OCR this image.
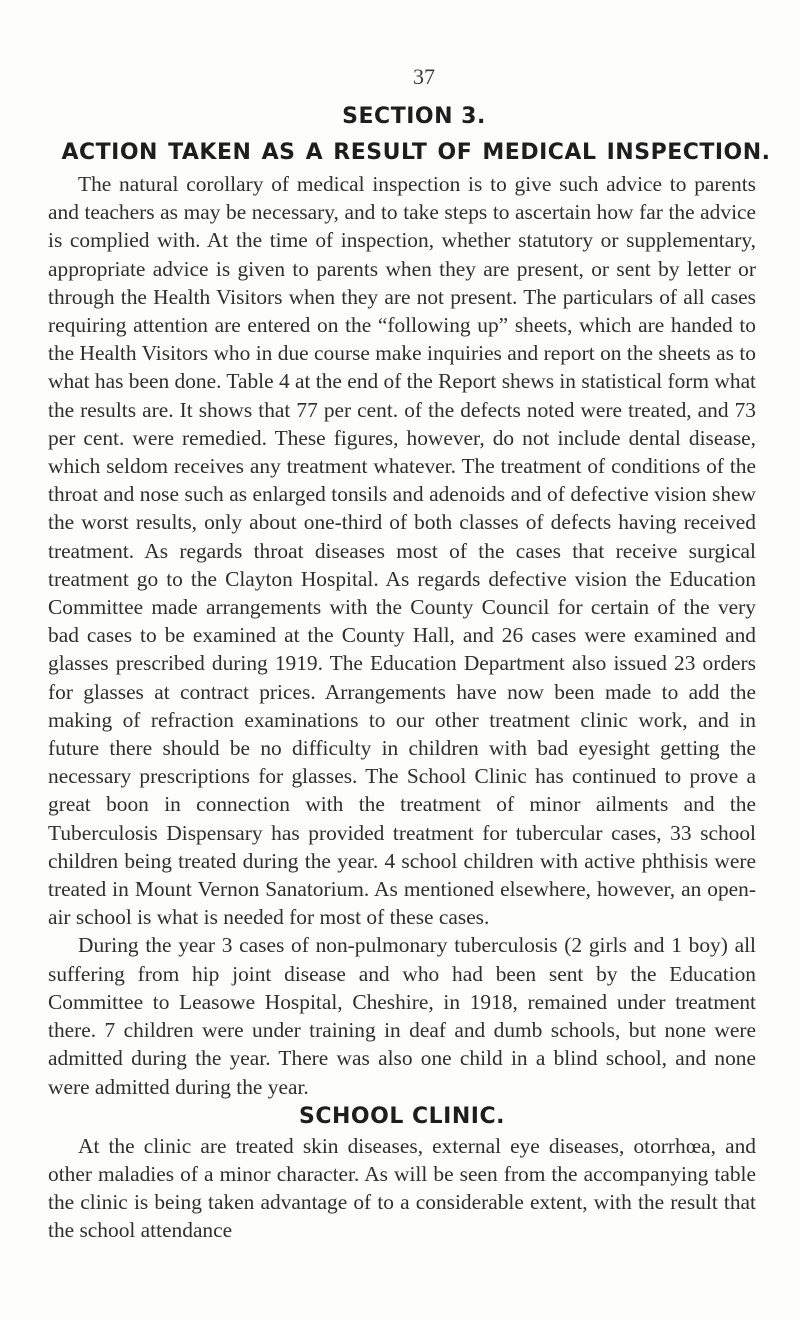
37
SECTION 3.
ACTION TAKEN AS A RESULT OF MEDICAL INSPECTION.

The natural corollary of medical inspection is to give such advice to parents and teachers as may be necessary, and to take steps to ascertain how far the advice is complied with. At the time of inspection, whether statutory or supplementary, appropriate advice is given to parents when they are present, or sent by letter or through the Health Visitors when they are not present. The particulars of all cases requiring attention are entered on the “following up” sheets, which are handed to the Health Visitors who in due course make inquiries and report on the sheets as to what has been done. Table 4 at the end of the Report shews in statistical form what the results are. It shows that 77 per cent. of the defects noted were treated, and 73 per cent. were remedied. These figures, however, do not include dental disease, which seldom receives any treatment whatever. The treatment of conditions of the throat and nose such as enlarged tonsils and adenoids and of defective vision shew the worst results, only about one-third of both classes of defects having received treatment. As regards throat diseases most of the cases that receive surgical treatment go to the Clayton Hospital. As regards defective vision the Education Committee made arrangements with the County Council for certain of the very bad cases to be examined at the County Hall, and 26 cases were examined and glasses prescribed during 1919. The Education Department also issued 23 orders for glasses at contract prices. Arrangements have now been made to add the making of refraction examinations to our other treatment clinic work, and in future there should be no difficulty in children with bad eyesight getting the necessary prescriptions for glasses. The School Clinic has continued to prove a great boon in connection with the treatment of minor ailments and the Tuberculosis Dispensary has provided treatment for tubercular cases, 33 school children being treated during the year. 4 school children with active phthisis were treated in Mount Vernon Sanatorium. As mentioned elsewhere, however, an open-air school is what is needed for most of these cases.

During the year 3 cases of non-pulmonary tuberculosis (2 girls and 1 boy) all suffering from hip joint disease and who had been sent by the Education Committee to Leasowe Hospital, Cheshire, in 1918, remained under treatment there. 7 children were under training in deaf and dumb schools, but none were admitted during the year. There was also one child in a blind school, and none were admitted during the year.

SCHOOL CLINIC.

At the clinic are treated skin diseases, external eye diseases, otorrhœa, and other maladies of a minor character. As will be seen from the accompanying table the clinic is being taken advantage of to a considerable extent, with the result that the school attendance
